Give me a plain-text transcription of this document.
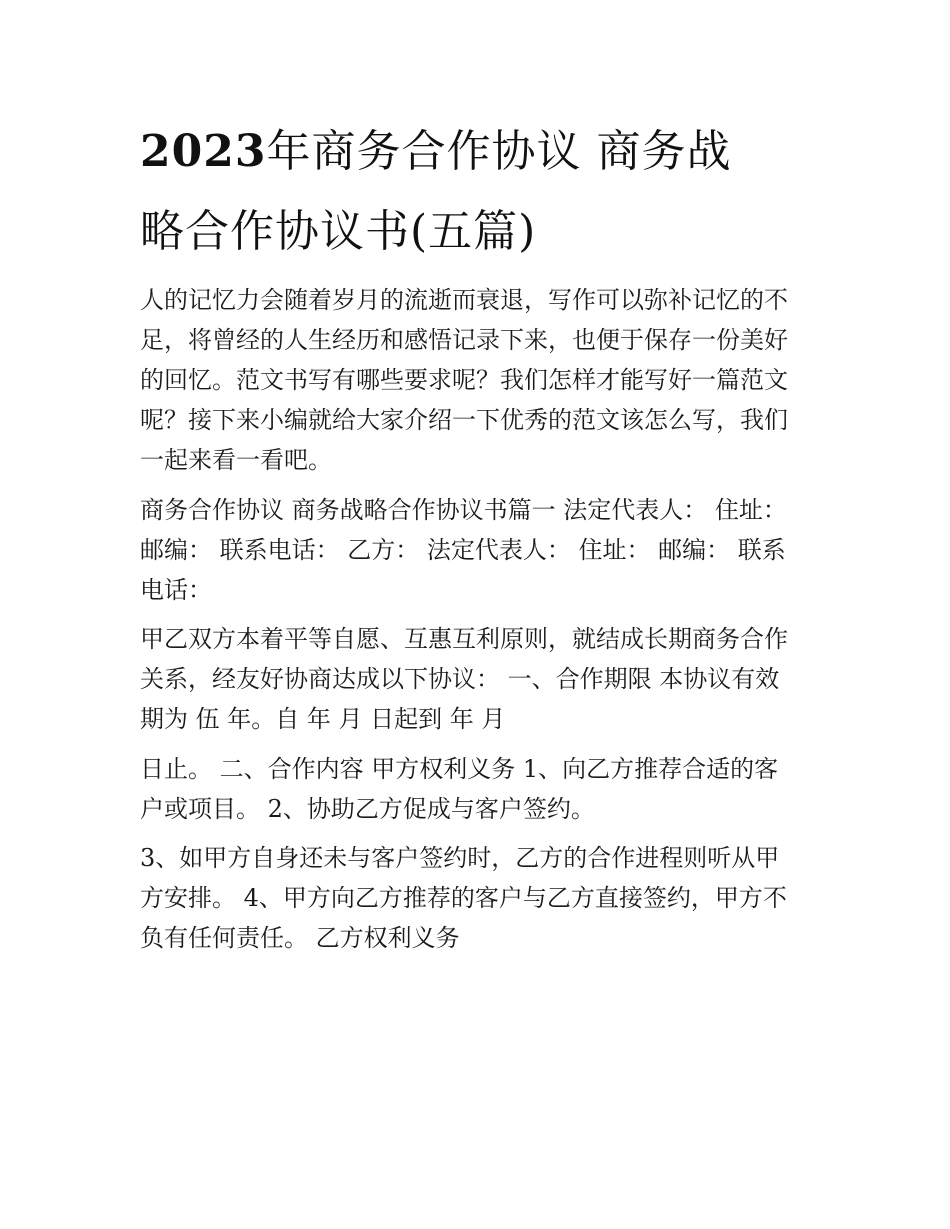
2023年商务合作协议 商务战
略合作协议书(五篇)

人的记忆力会随着岁月的流逝而衰退，写作可以弥补记忆的不
足，将曾经的人生经历和感悟记录下来，也便于保存一份美好
的回忆。范文书写有哪些要求呢？我们怎样才能写好一篇范文
呢？接下来小编就给大家介绍一下优秀的范文该怎么写，我们
一起来看一看吧。

商务合作协议 商务战略合作协议书篇一 法定代表人： 住址：
邮编： 联系电话： 乙方： 法定代表人： 住址： 邮编： 联系
电话：

甲乙双方本着平等自愿、互惠互利原则，就结成长期商务合作
关系，经友好协商达成以下协议： 一、合作期限 本协议有效
期为 伍 年。自 年 月 日起到 年 月

日止。 二、合作内容 甲方权利义务 1、向乙方推荐合适的客
户或项目。 2、协助乙方促成与客户签约。

3、如甲方自身还未与客户签约时，乙方的合作进程则听从甲
方安排。 4、甲方向乙方推荐的客户与乙方直接签约，甲方不
负有任何责任。 乙方权利义务
